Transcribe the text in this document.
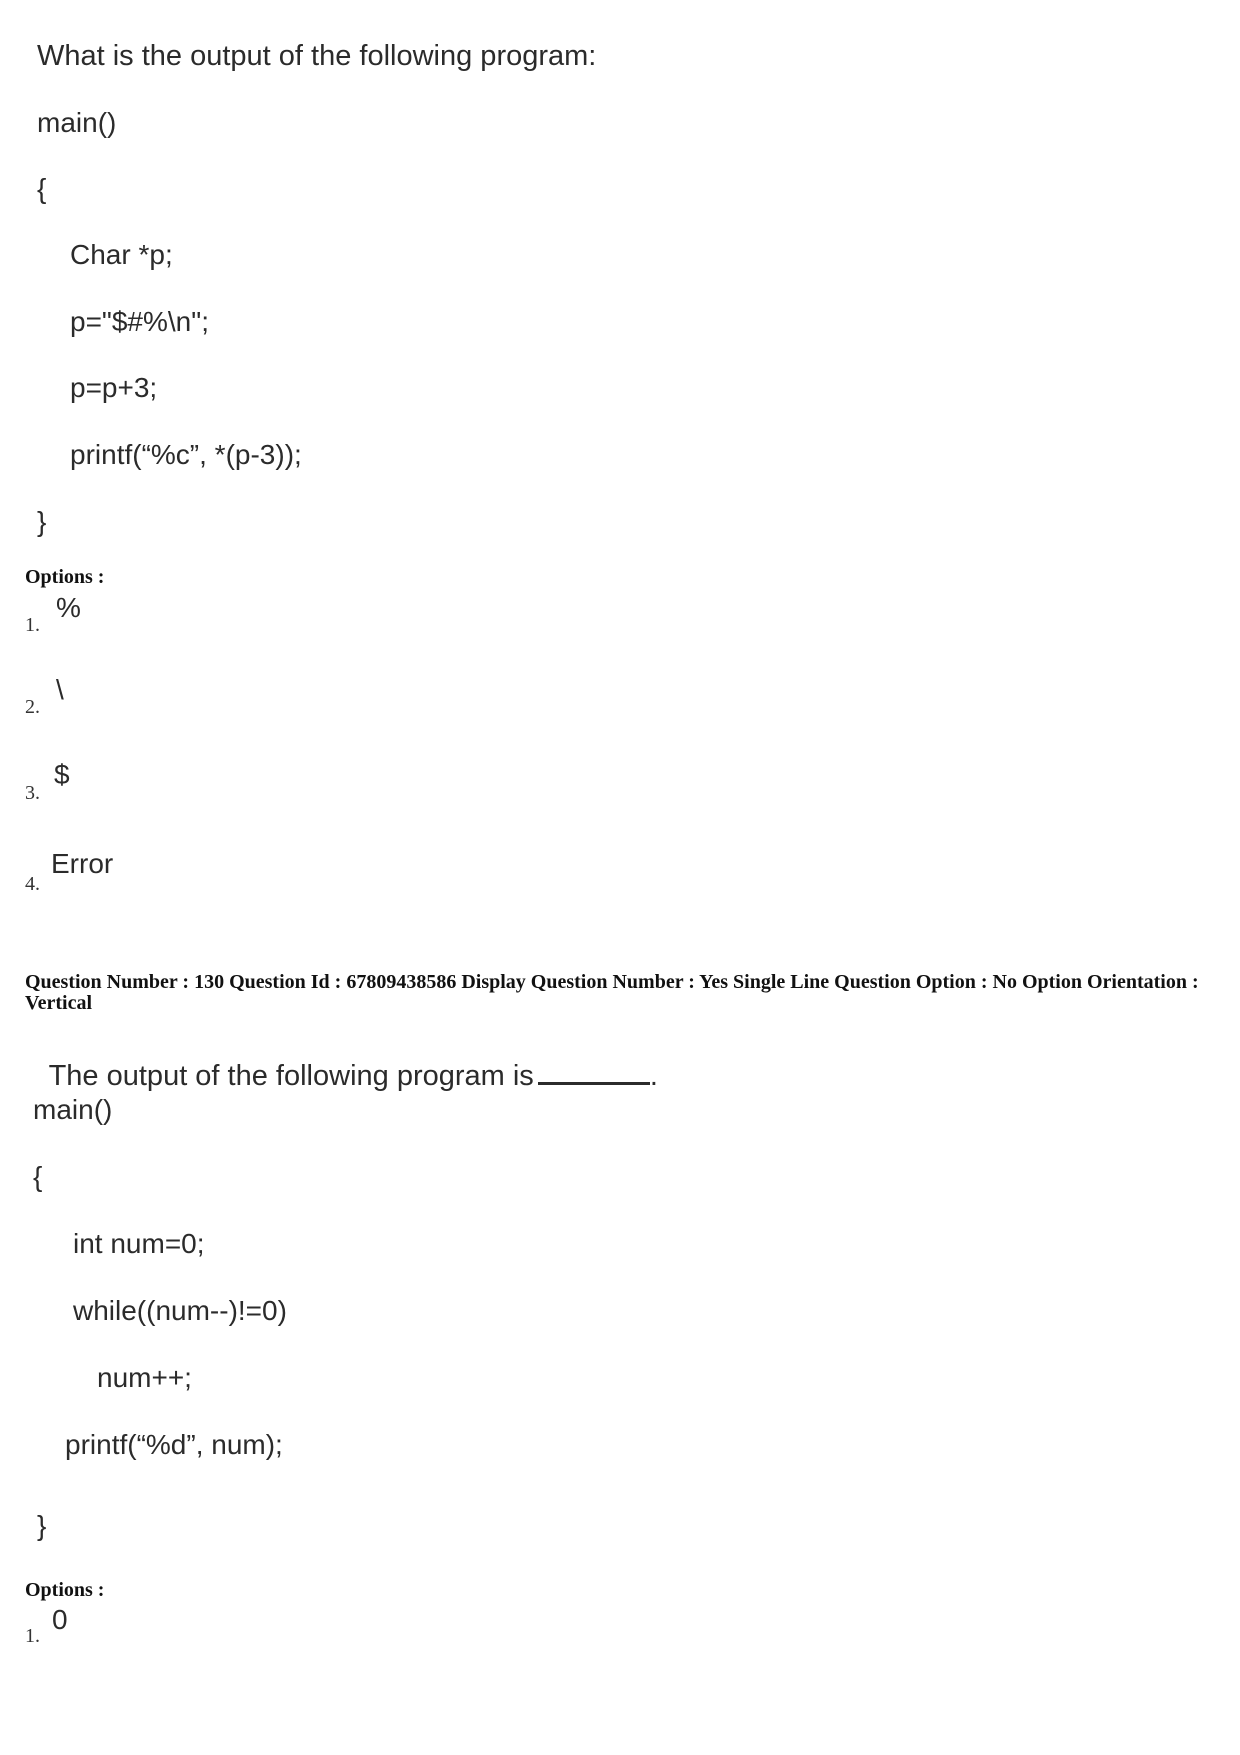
What is the output of the following program:
main()
{
Char *p;
p="$#%\n";
p=p+3;
printf(“%c”, *(p-3));
}
Options :
1.
%
2.
\
3.
$
4.
Error
Question Number : 130 Question Id : 67809438586 Display Question Number : Yes Single Line Question Option : No Option Orientation : Vertical

The output of the following program is	.

main()
{
int num=0;
while((num--)!=0)
num++;
printf(“%d”, num);
}
Options :
1.
0
